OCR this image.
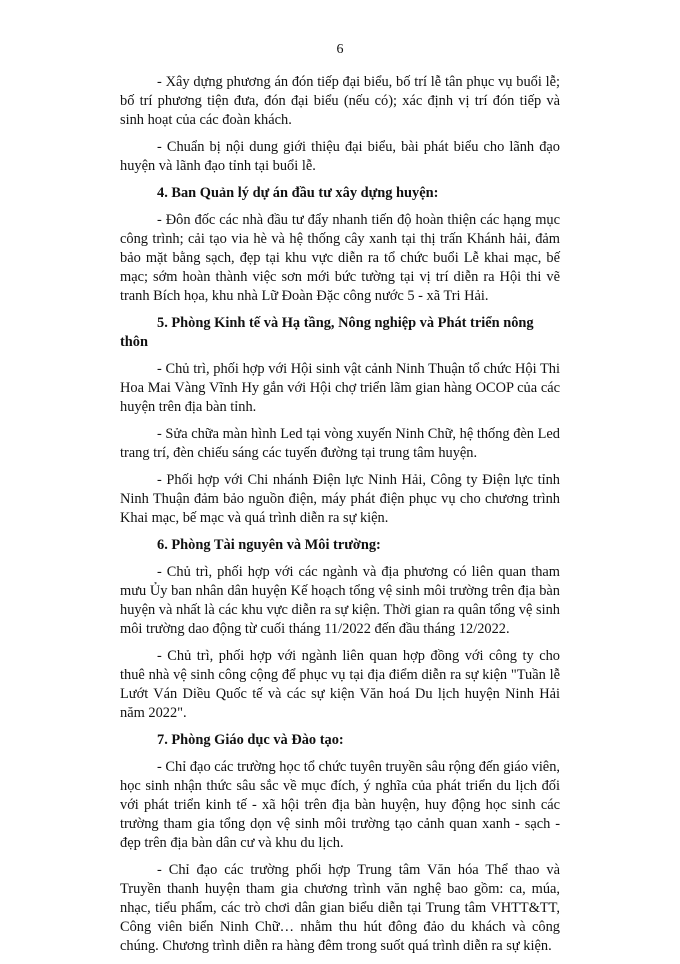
6

- Xây dựng phương án đón tiếp đại biểu, bố trí lễ tân phục vụ buổi lễ; bố trí phương tiện đưa, đón đại biểu (nếu có); xác định vị trí đón tiếp và sinh hoạt của các đoàn khách.

- Chuẩn bị nội dung giới thiệu đại biểu, bài phát biểu cho lãnh đạo huyện và lãnh đạo tỉnh tại buổi lễ.

4. Ban Quản lý dự án đầu tư xây dựng huyện:

- Đôn đốc các nhà đầu tư đẩy nhanh tiến độ hoàn thiện các hạng mục công trình; cải tạo via hè và hệ thống cây xanh tại thị trấn Khánh hải, đảm bảo mặt bằng sạch, đẹp tại khu vực diễn ra tổ chức buổi Lễ khai mạc, bế mạc; sớm hoàn thành việc sơn mới bức tường tại vị trí diễn ra Hội thi vẽ tranh Bích họa, khu nhà Lữ Đoàn Đặc công nước 5 - xã Tri Hải.

5. Phòng Kinh tế và Hạ tầng, Nông nghiệp và Phát triển nông thôn

- Chủ trì, phối hợp với Hội sinh vật cảnh Ninh Thuận tổ chức Hội Thi Hoa Mai Vàng Vĩnh Hy gắn với Hội chợ triển lãm gian hàng OCOP của các huyện trên địa bàn tỉnh.

- Sửa chữa màn hình Led tại vòng xuyến Ninh Chữ, hệ thống đèn Led trang trí, đèn chiếu sáng các tuyến đường tại trung tâm huyện.

- Phối hợp với Chi nhánh Điện lực Ninh Hải, Công ty Điện lực tỉnh Ninh Thuận đảm bảo nguồn điện, máy phát điện phục vụ cho chương trình Khai mạc, bế mạc và quá trình diễn ra sự kiện.

6. Phòng Tài nguyên và Môi trường:

- Chủ trì, phối hợp với các ngành và địa phương có liên quan tham mưu Ủy ban nhân dân huyện Kế hoạch tổng vệ sinh môi trường trên địa bàn huyện và nhất là các khu vực diễn ra sự kiện. Thời gian ra quân tổng vệ sinh môi trường dao động từ cuối tháng 11/2022 đến đầu tháng 12/2022.

- Chủ trì, phối hợp với ngành liên quan hợp đồng với công ty cho thuê nhà vệ sinh công cộng để phục vụ tại địa điểm diễn ra sự kiện "Tuần lễ Lướt Ván Diều Quốc tế và các sự kiện Văn hoá Du lịch huyện Ninh Hải năm 2022".

7. Phòng Giáo dục và Đào tạo:

- Chỉ đạo các trường học tổ chức tuyên truyền sâu rộng đến giáo viên, học sinh nhận thức sâu sắc về mục đích, ý nghĩa của phát triển du lịch đối với phát triển kinh tế - xã hội trên địa bàn huyện, huy động học sinh các trường tham gia tổng dọn vệ sinh môi trường tạo cảnh quan xanh - sạch - đẹp trên địa bàn dân cư và khu du lịch.

- Chỉ đạo các trường phối hợp Trung tâm Văn hóa Thể thao và Truyền thanh huyện tham gia chương trình văn nghệ bao gồm: ca, múa, nhạc, tiểu phẩm, các trò chơi dân gian biểu diễn tại Trung tâm VHTT&TT, Công viên biển Ninh Chữ… nhằm thu hút đông đảo du khách và công chúng. Chương trình diễn ra hàng đêm trong suốt quá trình diễn ra sự kiện.
